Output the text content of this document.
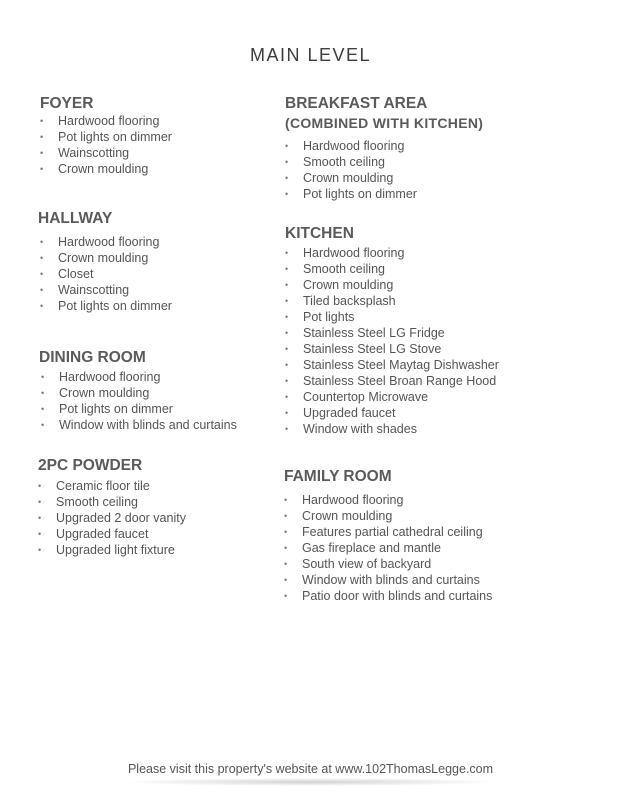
MAIN LEVEL
FOYER
• Hardwood flooring
• Pot lights on dimmer
• Wainscotting
• Crown moulding
HALLWAY
• Hardwood flooring
• Crown moulding
• Closet
• Wainscotting
• Pot lights on dimmer
DINING ROOM
• Hardwood flooring
• Crown moulding
• Pot lights on dimmer
• Window with blinds and curtains
2PC POWDER
• Ceramic floor tile
• Smooth ceiling
• Upgraded 2 door vanity
• Upgraded faucet
• Upgraded light fixture
BREAKFAST AREA
(COMBINED WITH KITCHEN)
• Hardwood flooring
• Smooth ceiling
• Crown moulding
• Pot lights on dimmer
KITCHEN
• Hardwood flooring
• Smooth ceiling
• Crown moulding
• Tiled backsplash
• Pot lights
• Stainless Steel LG Fridge
• Stainless Steel LG Stove
• Stainless Steel Maytag Dishwasher
• Stainless Steel Broan Range Hood
• Countertop Microwave
• Upgraded faucet
• Window with shades
FAMILY ROOM
• Hardwood flooring
• Crown moulding
• Features partial cathedral ceiling
• Gas fireplace and mantle
• South view of backyard
• Window with blinds and curtains
• Patio door with blinds and curtains
Please visit this property's website at www.102ThomasLegge.com
